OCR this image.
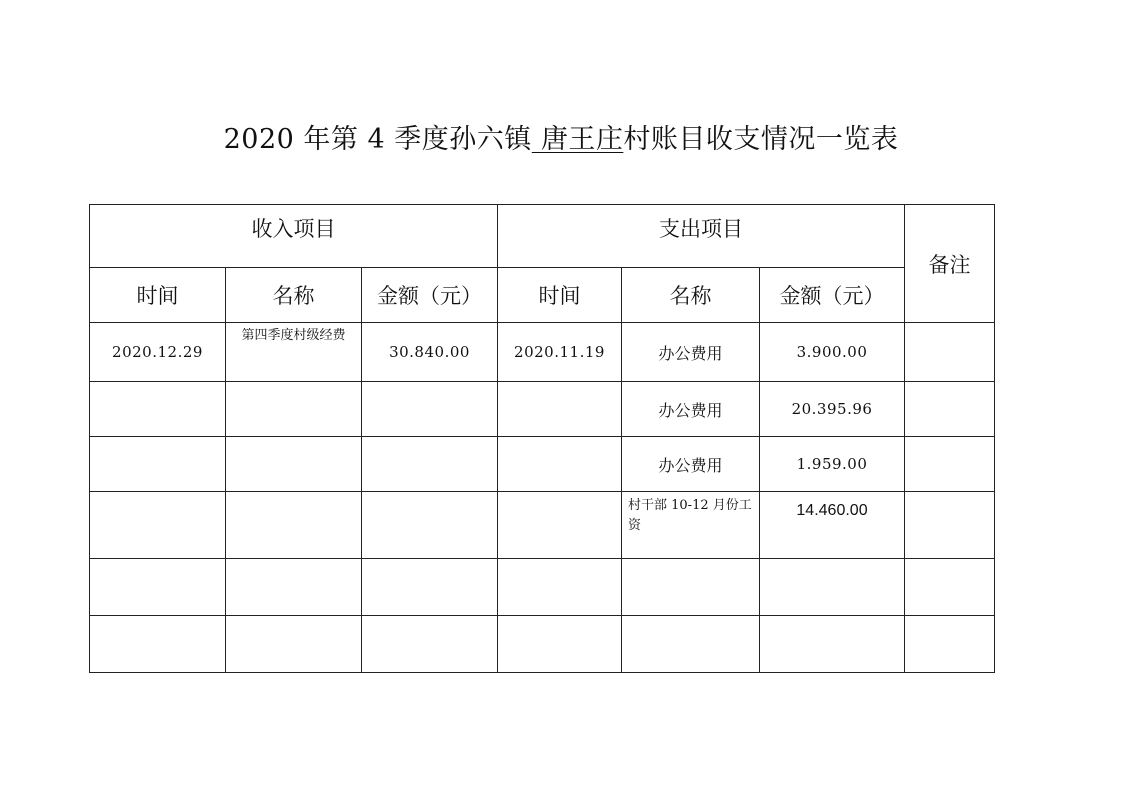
2020 年第 4 季度孙六镇 唐王庄村账目收支情况一览表
收入项目			支出项目			备注
时间	名称	金额（元）	时间	名称	金额（元）	
2020.12.29	第四季度村级经费	30.840.00	2020.11.19	办公费用	3.900.00	
				办公费用	20.395.96	
				办公费用	1.959.00	
				村干部 10-12 月份工资	14.460.00	
